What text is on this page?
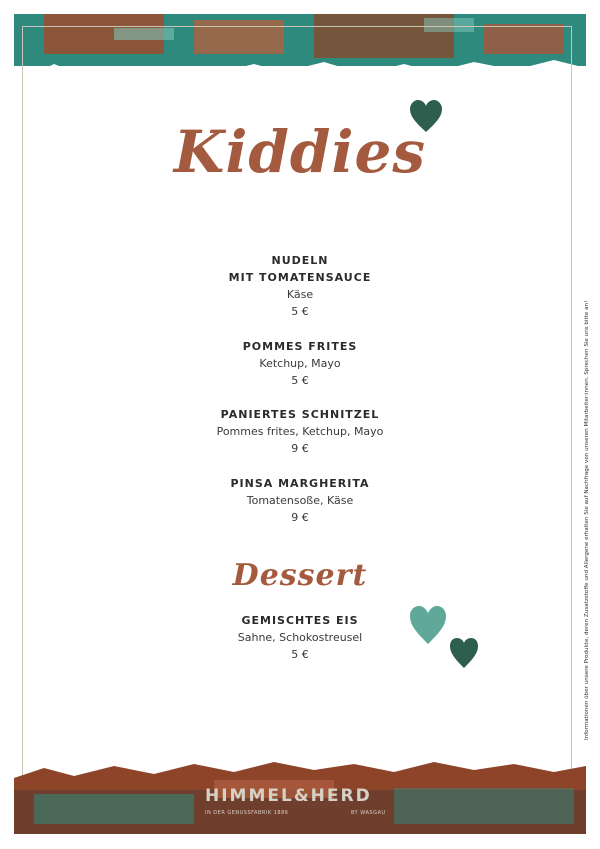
Kiddies
NUDELN
MIT TOMATENSAUCE
Käse
5 €
POMMES FRITES
Ketchup, Mayo
5 €
PANIERTES SCHNITZEL
Pommes frites, Ketchup, Mayo
9 €
PINSA MARGHERITA
Tomatensoße, Käse
9 €
Dessert
GEMISCHTES EIS
Sahne, Schokostreusel
5 €	Informationen über unsere Produkte, deren Zusatzstoffe und Allergene erhalten Sie auf Nachfrage von unseren Mitarbeiter:innen. Sprechen Sie uns bitte an!
HIMMEL&HERD
IN DER GENUSSFABRIK 1886	BY WASGAU
